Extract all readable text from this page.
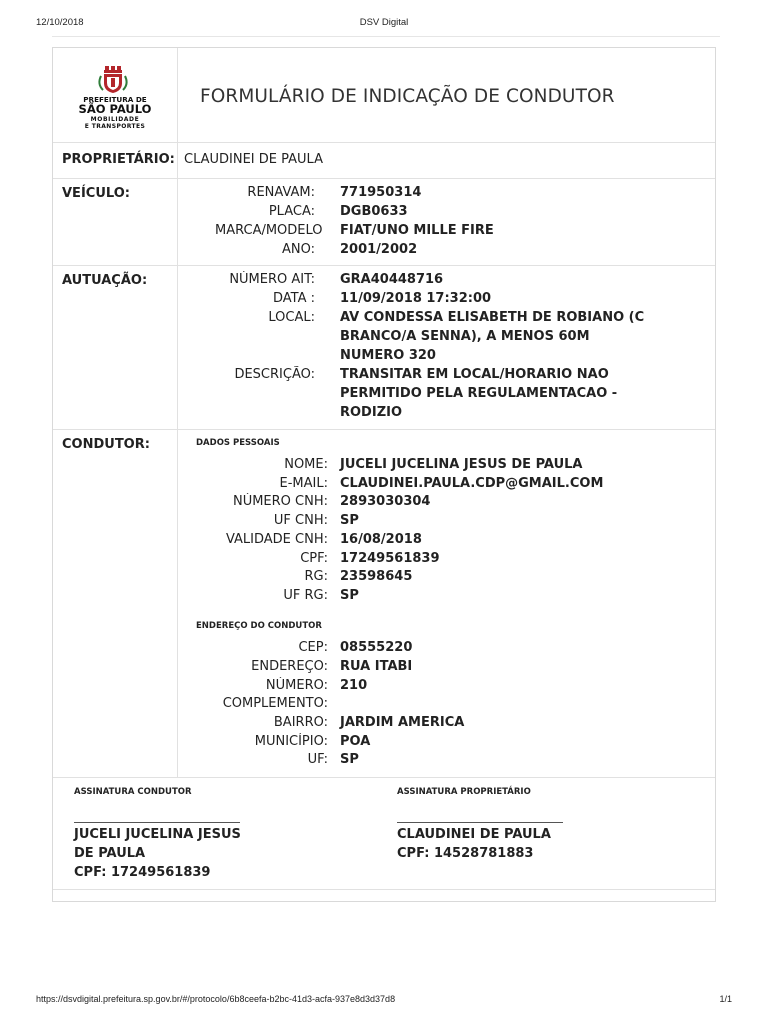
12/10/2018	DSV Digital
PREFEITURA DE
SÃO PAULO
MOBILIDADE
E TRANSPORTES
FORMULÁRIO DE INDICAÇÃO DE CONDUTOR
PROPRIETÁRIO: CLAUDINEI DE PAULA
VEÍCULO:	RENAVAM: 771950314
PLACA: DGB0633
MARCA/MODELO	FIAT/UNO MILLE FIRE
ANO: 2001/2002
AUTUAÇÃO:	NÚMERO AIT: GRA40448716
DATA : 11/09/2018 17:32:00
LOCAL: AV CONDESSA ELISABETH DE ROBIANO (C
BRANCO/A SENNA), A MENOS 60M
NUMERO 320
DESCRIÇÃO: TRANSITAR EM LOCAL/HORARIO NAO
PERMITIDO PELA REGULAMENTACAO -
RODIZIO
CONDUTOR:	DADOS PESSOAIS
NOME: JUCELI JUCELINA JESUS DE PAULA
E-MAIL: CLAUDINEI.PAULA.CDP@GMAIL.COM
NÚMERO CNH: 2893030304
UF CNH: SP
VALIDADE CNH: 16/08/2018
CPF: 17249561839
RG: 23598645
UF RG: SP
ENDEREÇO DO CONDUTOR
CEP: 08555220
ENDEREÇO: RUA ITABI
NÚMERO: 210
COMPLEMENTO:
BAIRRO: JARDIM AMERICA
MUNICÍPIO: POA
UF: SP
ASSINATURA CONDUTOR
JUCELI JUCELINA JESUS
DE PAULA
CPF: 17249561839
ASSINATURA PROPRIETÁRIO
CLAUDINEI DE PAULA
CPF: 14528781883
https://dsvdigital.prefeitura.sp.gov.br/#/protocolo/6b8ceefa-b2bc-41d3-acfa-937e8d3d37d8	1/1
